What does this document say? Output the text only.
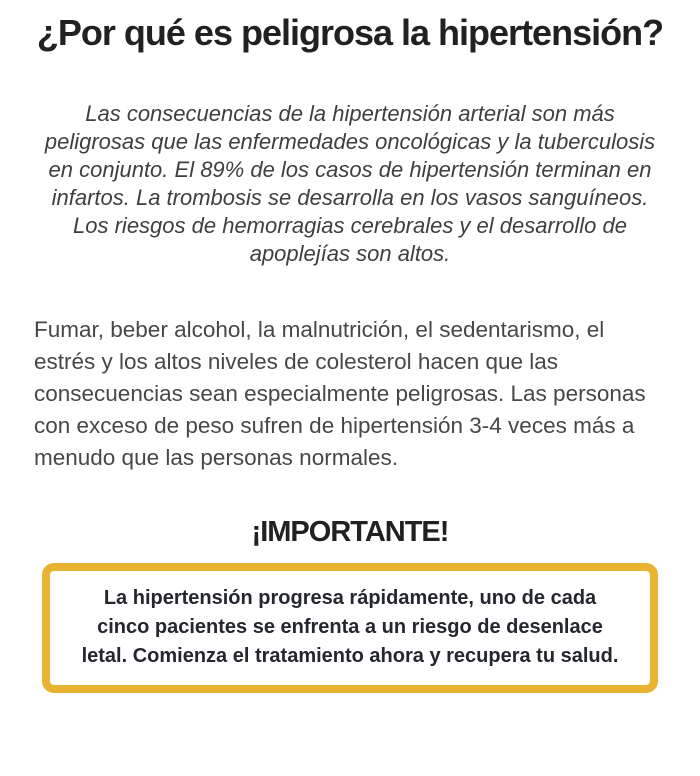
¿Por qué es peligrosa la hipertensión?

Las consecuencias de la hipertensión arterial son más peligrosas que las enfermedades oncológicas y la tuberculosis en conjunto. El 89% de los casos de hipertensión terminan en infartos. La trombosis se desarrolla en los vasos sanguíneos. Los riesgos de hemorragias cerebrales y el desarrollo de apoplejías son altos.

Fumar, beber alcohol, la malnutrición, el sedentarismo, el estrés y los altos niveles de colesterol hacen que las consecuencias sean especialmente peligrosas. Las personas con exceso de peso sufren de hipertensión 3-4 veces más a menudo que las personas normales.

¡IMPORTANTE!

La hipertensión progresa rápidamente, uno de cada cinco pacientes se enfrenta a un riesgo de desenlace letal. Comienza el tratamiento ahora y recupera tu salud.
